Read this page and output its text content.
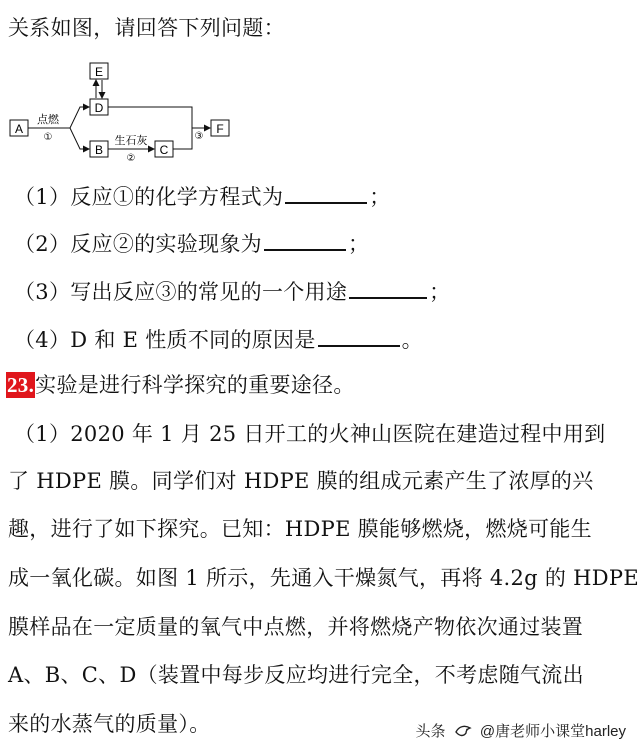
关系如图，请回答下列问题：
A
E
D
B	C
F
点燃
①	生石灰
②
③
（1）反应①的化学方程式为	；
（2）反应②的实验现象为	；
（3）写出反应③的常见的一个用途	；
（4）D 和 E 性质不同的原因是	。
23.实验是进行科学探究的重要途径。
（1）2020 年 1 月 25 日开工的火神山医院在建造过程中用到
了 HDPE 膜。同学们对 HDPE 膜的组成元素产生了浓厚的兴
趣，进行了如下探究。已知：HDPE 膜能够燃烧，燃烧可能生
成一氧化碳。如图 1 所示，先通入干燥氮气，再将 4.2g 的 HDPE
膜样品在一定质量的氧气中点燃，并将燃烧产物依次通过装置
A、B、C、D（装置中每步反应均进行完全，不考虑随气流出
来的水蒸气的质量）。	头条 @唐老师小课堂harley
